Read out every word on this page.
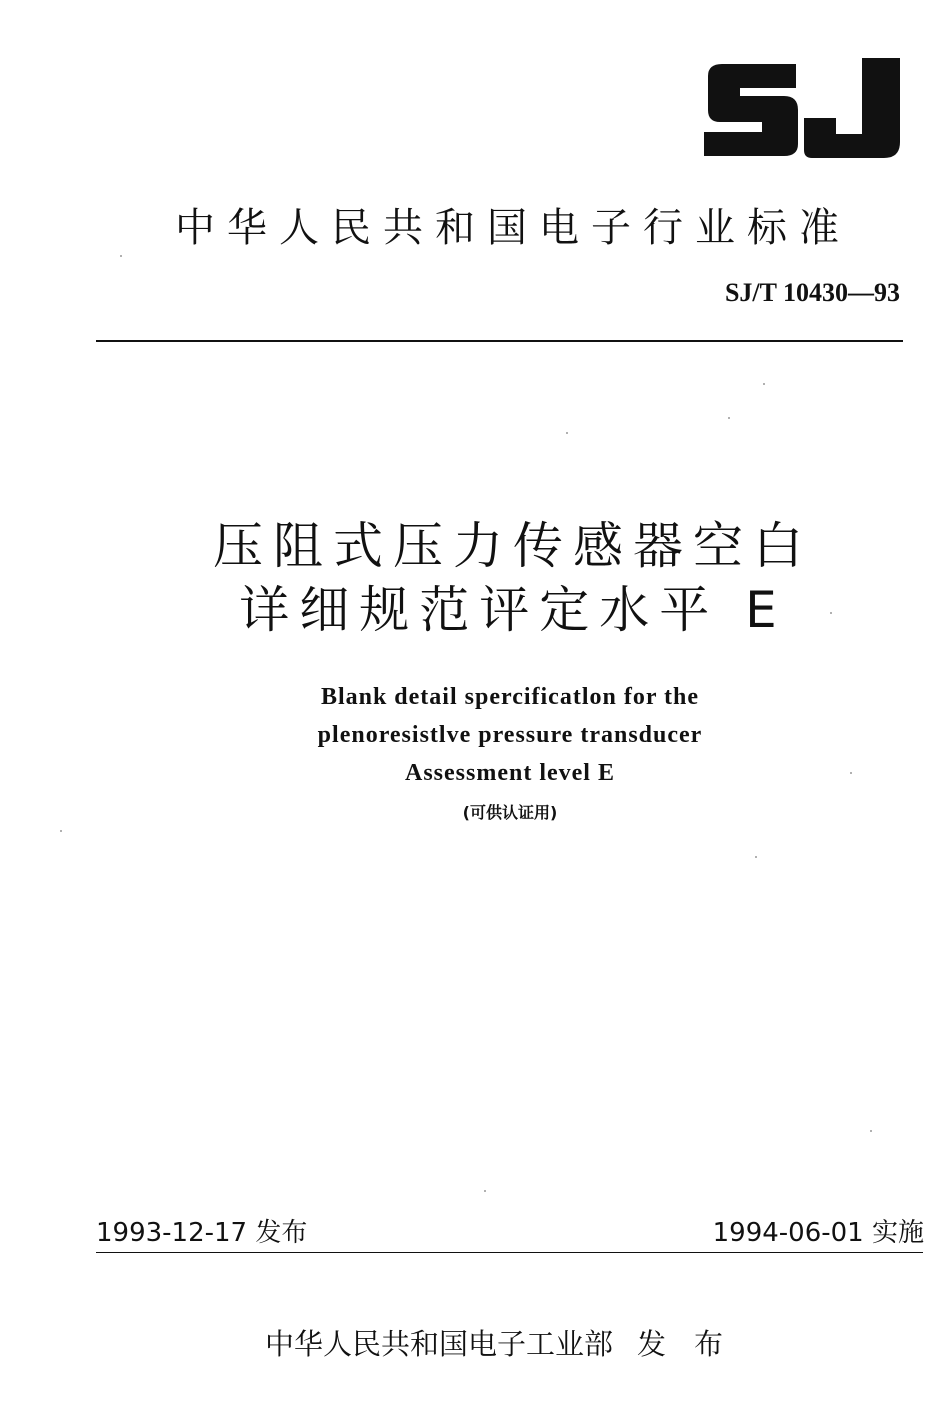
中华人民共和国电子行业标准
SJ/T 10430—93
压阻式压力传感器空白
详细规范评定水平 E
Blank detail spercificatlon for the
plenoresistlve pressure transducer
Assessment level E
(可供认证用)
1993-12-17 发布	1994-06-01 实施
中华人民共和国电子工业部 发布
